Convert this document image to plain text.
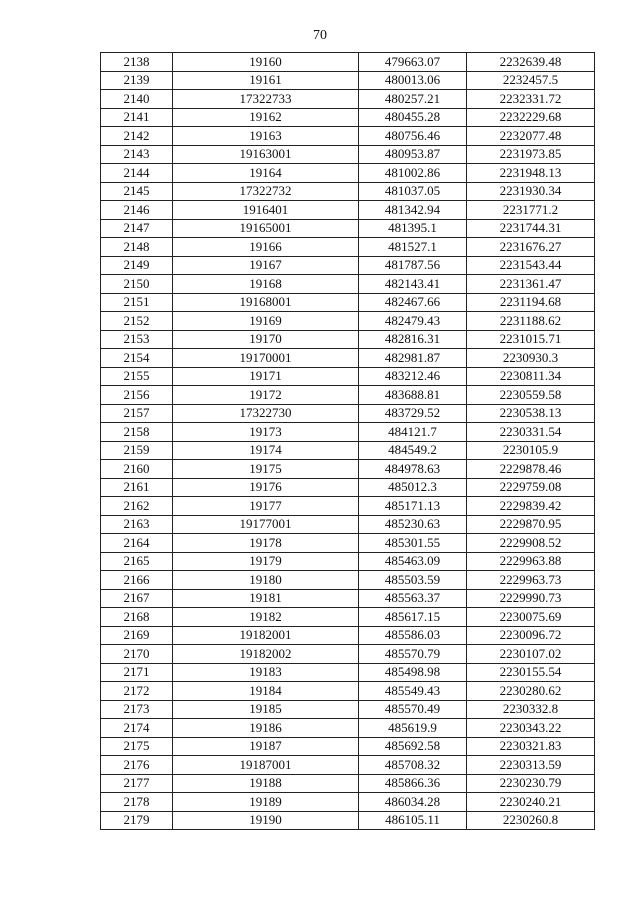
70
2138	19160	479663.07	2232639.48
2139	19161	480013.06	2232457.5
2140	17322733	480257.21	2232331.72
2141	19162	480455.28	2232229.68
2142	19163	480756.46	2232077.48
2143	19163001	480953.87	2231973.85
2144	19164	481002.86	2231948.13
2145	17322732	481037.05	2231930.34
2146	1916401	481342.94	2231771.2
2147	19165001	481395.1	2231744.31
2148	19166	481527.1	2231676.27
2149	19167	481787.56	2231543.44
2150	19168	482143.41	2231361.47
2151	19168001	482467.66	2231194.68
2152	19169	482479.43	2231188.62
2153	19170	482816.31	2231015.71
2154	19170001	482981.87	2230930.3
2155	19171	483212.46	2230811.34
2156	19172	483688.81	2230559.58
2157	17322730	483729.52	2230538.13
2158	19173	484121.7	2230331.54
2159	19174	484549.2	2230105.9
2160	19175	484978.63	2229878.46
2161	19176	485012.3	2229759.08
2162	19177	485171.13	2229839.42
2163	19177001	485230.63	2229870.95
2164	19178	485301.55	2229908.52
2165	19179	485463.09	2229963.88
2166	19180	485503.59	2229963.73
2167	19181	485563.37	2229990.73
2168	19182	485617.15	2230075.69
2169	19182001	485586.03	2230096.72
2170	19182002	485570.79	2230107.02
2171	19183	485498.98	2230155.54
2172	19184	485549.43	2230280.62
2173	19185	485570.49	2230332.8
2174	19186	485619.9	2230343.22
2175	19187	485692.58	2230321.83
2176	19187001	485708.32	2230313.59
2177	19188	485866.36	2230230.79
2178	19189	486034.28	2230240.21
2179	19190	486105.11	2230260.8
